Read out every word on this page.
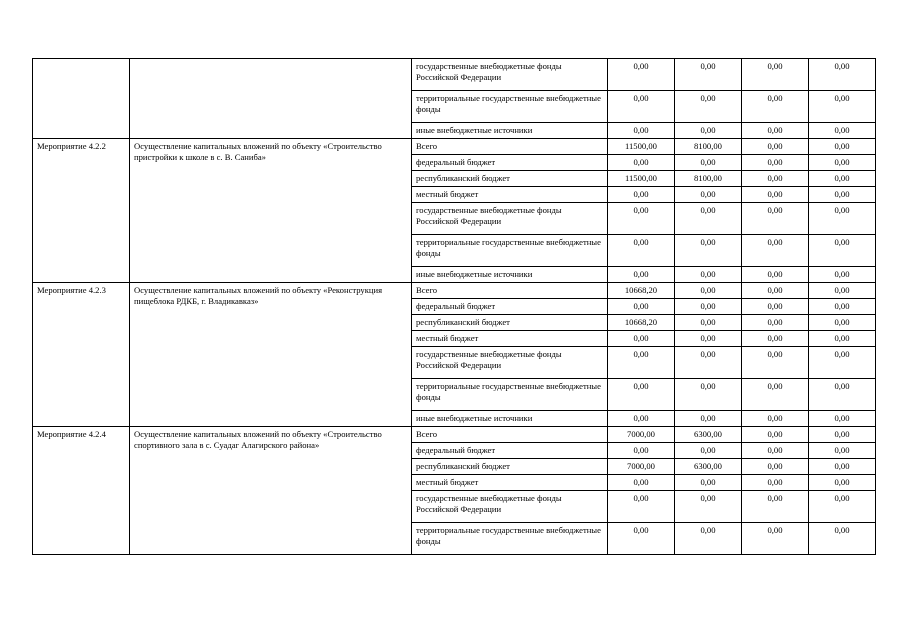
		государственные внебюджетные фонды Российской Федерации	0,00	0,00	0,00	0,00
		территориальные государственные внебюджетные фонды	0,00	0,00	0,00	0,00
		иные внебюджетные источники	0,00	0,00	0,00	0,00
Мероприятие 4.2.2	Осуществление капитальных вложений по объекту «Строительство пристройки к школе в с. В. Саниба»	Всего	11500,00	8100,00	0,00	0,00
		федеральный бюджет	0,00	0,00	0,00	0,00
		республиканский бюджет	11500,00	8100,00	0,00	0,00
		местный бюджет	0,00	0,00	0,00	0,00
		государственные внебюджетные фонды Российской Федерации	0,00	0,00	0,00	0,00
		территориальные государственные внебюджетные фонды	0,00	0,00	0,00	0,00
		иные внебюджетные источники	0,00	0,00	0,00	0,00
Мероприятие 4.2.3	Осуществление капитальных вложений по объекту «Реконструкция пищеблока РДКБ, г. Владикавказ»	Всего	10668,20	0,00	0,00	0,00
		федеральный бюджет	0,00	0,00	0,00	0,00
		республиканский бюджет	10668,20	0,00	0,00	0,00
		местный бюджет	0,00	0,00	0,00	0,00
		государственные внебюджетные фонды Российской Федерации	0,00	0,00	0,00	0,00
		территориальные государственные внебюджетные фонды	0,00	0,00	0,00	0,00
		иные внебюджетные источники	0,00	0,00	0,00	0,00
Мероприятие 4.2.4	Осуществление капитальных вложений по объекту «Строительство спортивного зала в с. Суадаг Алагирского района»	Всего	7000,00	6300,00	0,00	0,00
		федеральный бюджет	0,00	0,00	0,00	0,00
		республиканский бюджет	7000,00	6300,00	0,00	0,00
		местный бюджет	0,00	0,00	0,00	0,00
		государственные внебюджетные фонды Российской Федерации	0,00	0,00	0,00	0,00
		территориальные государственные внебюджетные фонды	0,00	0,00	0,00	0,00
